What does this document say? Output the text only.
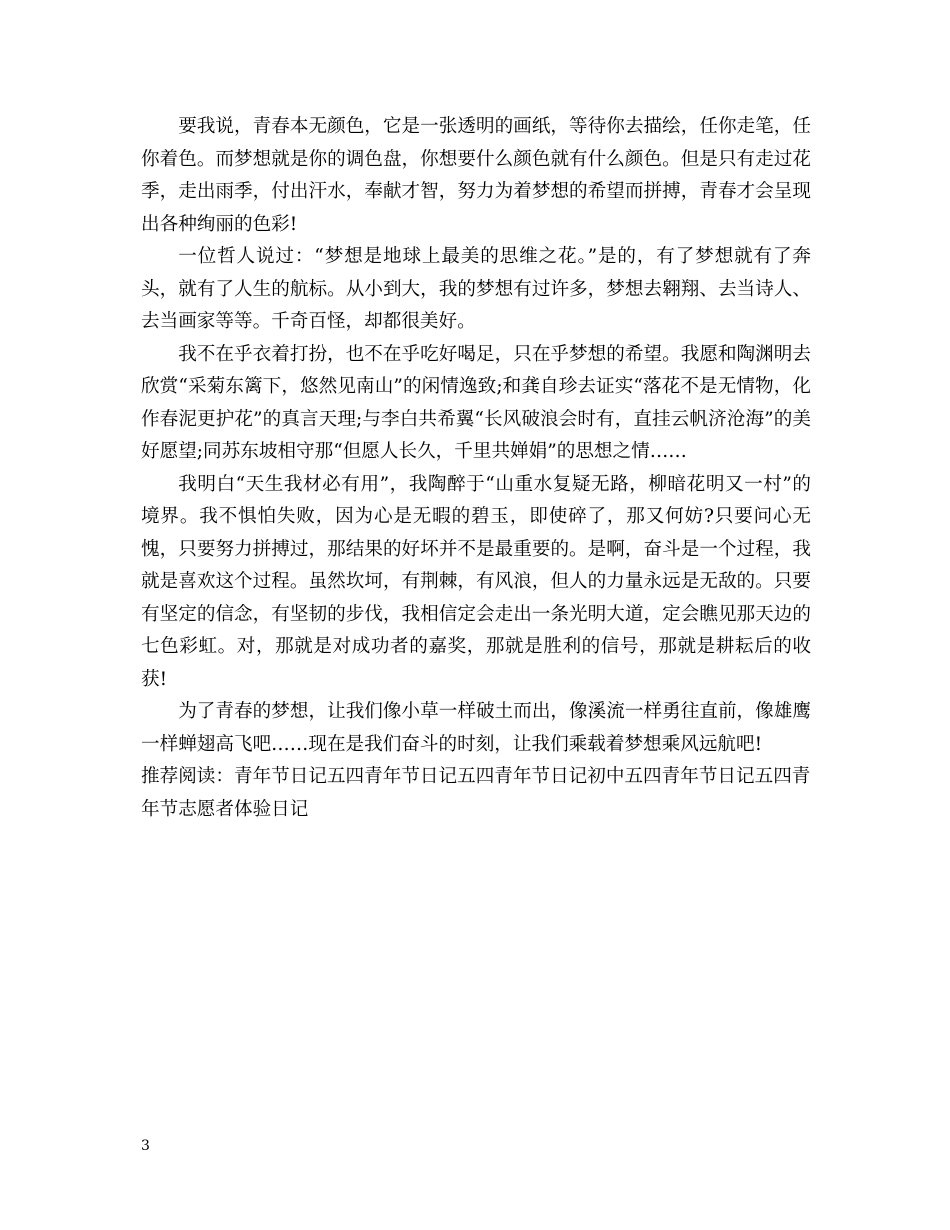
要我说，青春本无颜色，它是一张透明的画纸，等待你去描绘，任你走笔，任你着色。而梦想就是你的调色盘，你想要什么颜色就有什么颜色。但是只有走过花季，走出雨季，付出汗水，奉献才智，努力为着梦想的希望而拼搏，青春才会呈现出各种绚丽的色彩!

一位哲人说过：“梦想是地球上最美的思维之花。”是的，有了梦想就有了奔头，就有了人生的航标。从小到大，我的梦想有过许多，梦想去翱翔、去当诗人、去当画家等等。千奇百怪，却都很美好。

我不在乎衣着打扮，也不在乎吃好喝足，只在乎梦想的希望。我愿和陶渊明去欣赏“采菊东篱下，悠然见南山”的闲情逸致;和龚自珍去证实“落花不是无情物，化作春泥更护花”的真言天理;与李白共希翼“长风破浪会时有，直挂云帆济沧海”的美好愿望;同苏东坡相守那“但愿人长久，千里共婵娟”的思想之情……

我明白“天生我材必有用”，我陶醉于“山重水复疑无路，柳暗花明又一村”的境界。我不惧怕失败，因为心是无暇的碧玉，即使碎了，那又何妨?只要问心无愧，只要努力拼搏过，那结果的好坏并不是最重要的。是啊，奋斗是一个过程，我就是喜欢这个过程。虽然坎坷，有荆棘，有风浪，但人的力量永远是无敌的。只要有坚定的信念，有坚韧的步伐，我相信定会走出一条光明大道，定会瞧见那天边的七色彩虹。对，那就是对成功者的嘉奖，那就是胜利的信号，那就是耕耘后的收获!

为了青春的梦想，让我们像小草一样破土而出，像溪流一样勇往直前，像雄鹰一样蝉翅高飞吧……现在是我们奋斗的时刻，让我们乘载着梦想乘风远航吧!

推荐阅读：青年节日记五四青年节日记五四青年节日记初中五四青年节日记五四青年节志愿者体验日记

3
